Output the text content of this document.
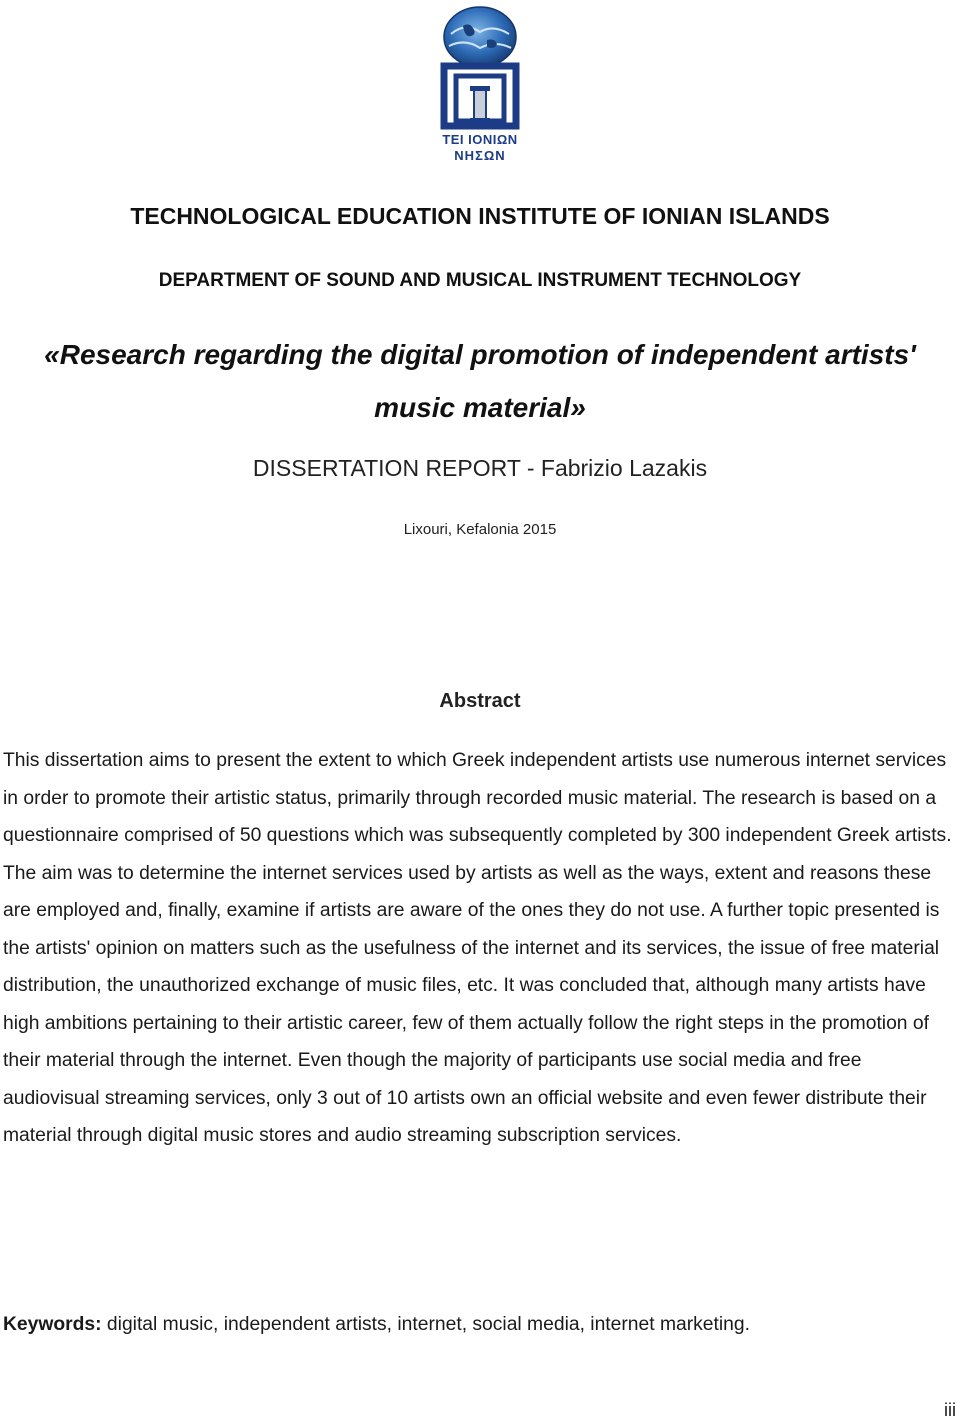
ΤΕΙ ΙΟΝΙΩΝ
ΝΗΣΩΝ
TECHNOLOGICAL EDUCATION INSTITUTE OF IONIAN ISLANDS
DEPARTMENT OF SOUND AND MUSICAL INSTRUMENT TECHNOLOGY
«Research regarding the digital promotion of independent artists'
music material»
DISSERTATION REPORT - Fabrizio Lazakis
Lixouri, Kefalonia 2015
Abstract

This dissertation aims to present the extent to which Greek independent artists use numerous internet services in order to promote their artistic status, primarily through recorded music material. The research is based on a questionnaire comprised of 50 questions which was subsequently completed by 300 independent Greek artists. The aim was to determine the internet services used by artists as well as the ways, extent and reasons these are employed and, finally, examine if artists are aware of the ones they do not use. A further topic presented is the artists' opinion on matters such as the usefulness of the internet and its services, the issue of free material distribution, the unauthorized exchange of music files, etc. It was concluded that, although many artists have high ambitions pertaining to their artistic career, few of them actually follow the right steps in the promotion of their material through the internet. Even though the majority of participants use social media and free audiovisual streaming services, only 3 out of 10 artists own an official website and even fewer distribute their material through digital music stores and audio streaming subscription services.

Keywords: digital music, independent artists, internet, social media, internet marketing.

iii
